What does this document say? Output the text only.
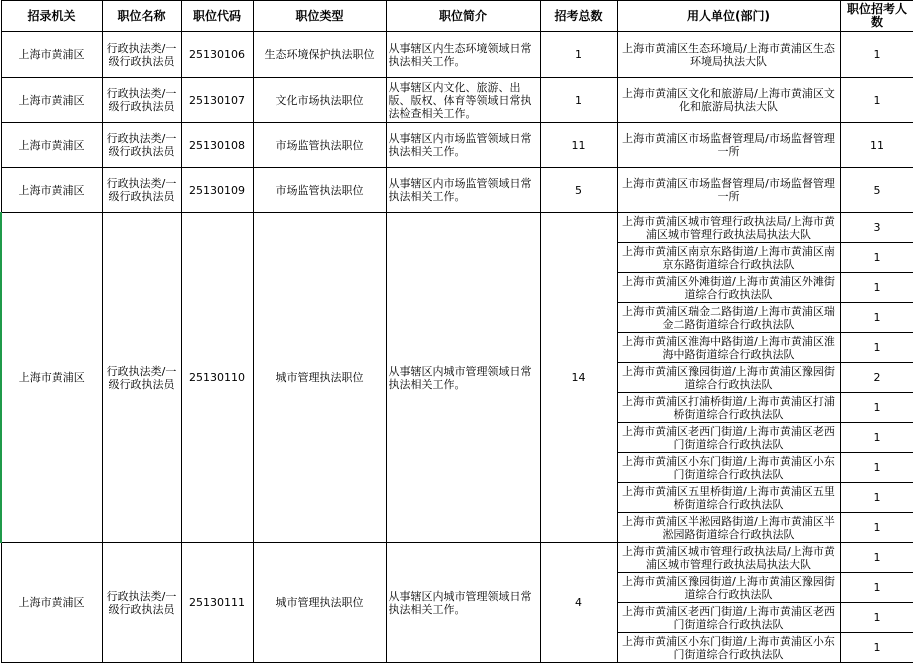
招录机关	职位名称	职位代码	职位类型	职位简介	招考总数	用人单位(部门)	职位招考人数
上海市黄浦区	行政执法类/一级行政执法员	25130106	生态环境保护执法职位	从事辖区内生态环境领域日常执法相关工作。	1	上海市黄浦区生态环境局/上海市黄浦区生态环境局执法大队	1
上海市黄浦区	行政执法类/一级行政执法员	25130107	文化市场执法职位	从事辖区内文化、旅游、出版、版权、体育等领域日常执法检查相关工作。	1	上海市黄浦区文化和旅游局/上海市黄浦区文化和旅游局执法大队	1
上海市黄浦区	行政执法类/一级行政执法员	25130108	市场监管执法职位	从事辖区内市场监管领域日常执法相关工作。	11	上海市黄浦区市场监督管理局/市场监督管理一所	11
上海市黄浦区	行政执法类/一级行政执法员	25130109	市场监管执法职位	从事辖区内市场监管领域日常执法相关工作。	5	上海市黄浦区市场监督管理局/市场监督管理一所	5
上海市黄浦区	行政执法类/一级行政执法员	25130110	城市管理执法职位	从事辖区内城市管理领域日常执法相关工作。	14	上海市黄浦区城市管理行政执法局/上海市黄浦区城市管理行政执法局执法大队	3
						上海市黄浦区南京东路街道/上海市黄浦区南京东路街道综合行政执法队	1
						上海市黄浦区外滩街道/上海市黄浦区外滩街道综合行政执法队	1
						上海市黄浦区瑞金二路街道/上海市黄浦区瑞金二路街道综合行政执法队	1
						上海市黄浦区淮海中路街道/上海市黄浦区淮海中路街道综合行政执法队	1
						上海市黄浦区豫园街道/上海市黄浦区豫园街道综合行政执法队	2
						上海市黄浦区打浦桥街道/上海市黄浦区打浦桥街道综合行政执法队	1
						上海市黄浦区老西门街道/上海市黄浦区老西门街道综合行政执法队	1
						上海市黄浦区小东门街道/上海市黄浦区小东门街道综合行政执法队	1
						上海市黄浦区五里桥街道/上海市黄浦区五里桥街道综合行政执法队	1
						上海市黄浦区半淞园路街道/上海市黄浦区半淞园路街道综合行政执法队	1
上海市黄浦区	行政执法类/一级行政执法员	25130111	城市管理执法职位	从事辖区内城市管理领域日常执法相关工作。	4	上海市黄浦区城市管理行政执法局/上海市黄浦区城市管理行政执法局执法大队	1
						上海市黄浦区豫园街道/上海市黄浦区豫园街道综合行政执法队	1
						上海市黄浦区老西门街道/上海市黄浦区老西门街道综合行政执法队	1
						上海市黄浦区小东门街道/上海市黄浦区小东门街道综合行政执法队	1
